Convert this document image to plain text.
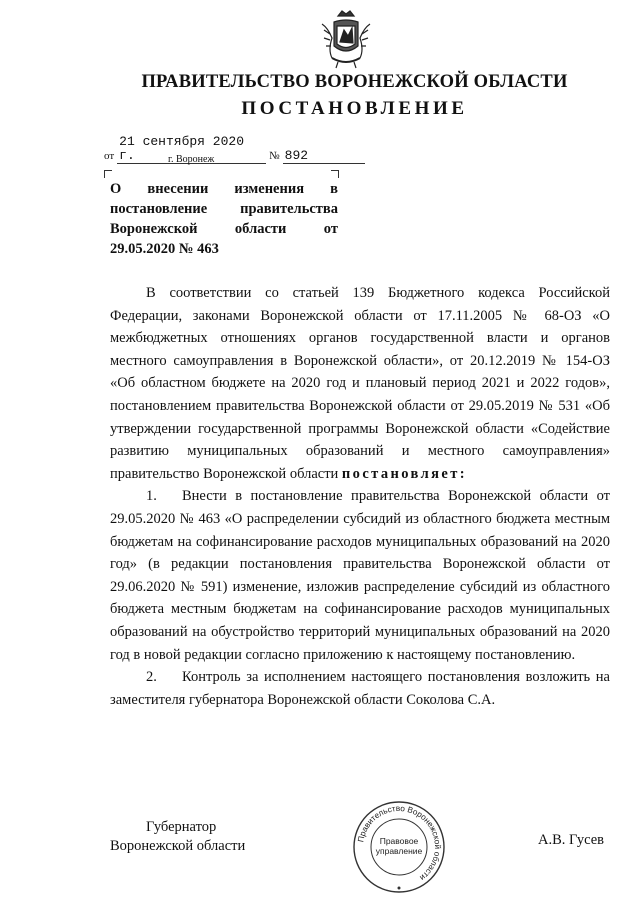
ПРАВИТЕЛЬСТВО ВОРОНЕЖСКОЙ ОБЛАСТИ
ПОСТАНОВЛЕНИЕ
от 21 сентября 2020 г.	№ 892
г. Воронеж
О внесении изменения в
постановление правительства
Воронежской области от
29.05.2020 № 463

В соответствии со статьей 139 Бюджетного кодекса Российской Федерации, законами Воронежской области от 17.11.2005 № 68-ОЗ «О межбюджетных отношениях органов государственной власти и органов местного самоуправления в Воронежской области», от 20.12.2019 № 154-ОЗ «Об областном бюджете на 2020 год и плановый период 2021 и 2022 годов», постановлением правительства Воронежской области от 29.05.2019 № 531 «Об утверждении государственной программы Воронежской области «Содействие развитию муниципальных образований и местного самоуправления» правительство Воронежской области постановляет:

1. Внести в постановление правительства Воронежской области от 29.05.2020 № 463 «О распределении субсидий из областного бюджета местным бюджетам на софинансирование расходов муниципальных образований на 2020 год» (в редакции постановления правительства Воронежской области от 29.06.2020 № 591) изменение, изложив распределение субсидий из областного бюджета местным бюджетам на софинансирование расходов муниципальных образований на обустройство территорий муниципальных образований на 2020 год в новой редакции согласно приложению к настоящему постановлению.

2. Контроль за исполнением настоящего постановления возложить на заместителя губернатора Воронежской области Соколова С.А.

Губернатор
Воронежской области	Правительство Воронежской области
Правовое управление
А.В. Гусев
